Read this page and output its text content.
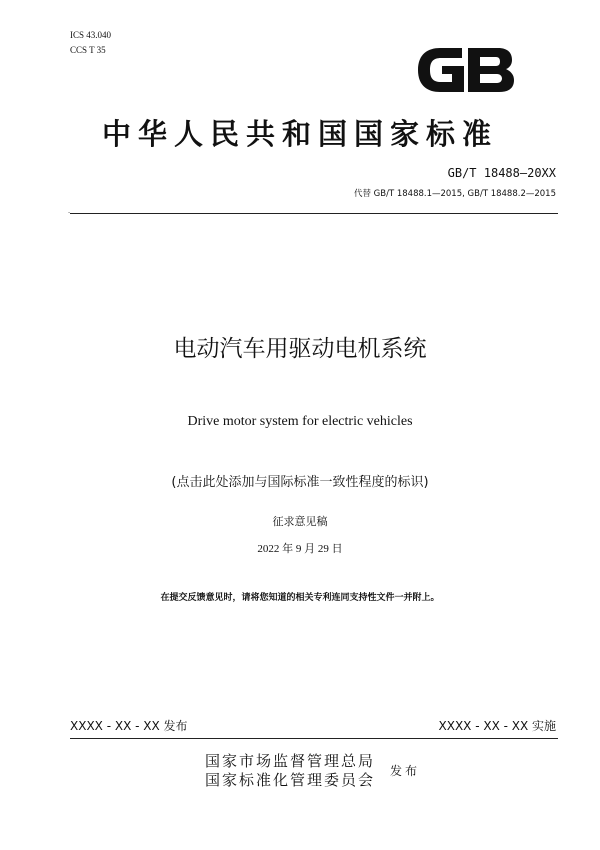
ICS 43.040
CCS T 35
GB
中华人民共和国国家标准
GB/T 18488—20XX
代替 GB/T 18488.1—2015, GB/T 18488.2—2015
-
电动汽车用驱动电机系统
Drive motor system for electric vehicles
(点击此处添加与国际标准一致性程度的标识)
征求意见稿
2022 年 9 月 29 日
在提交反馈意见时，请将您知道的相关专利连同支持性文件一并附上。
XXXX - XX - XX 发布	XXXX - XX - XX 实施
国家市场监督管理总局
国家标准化管理委员会 发布
